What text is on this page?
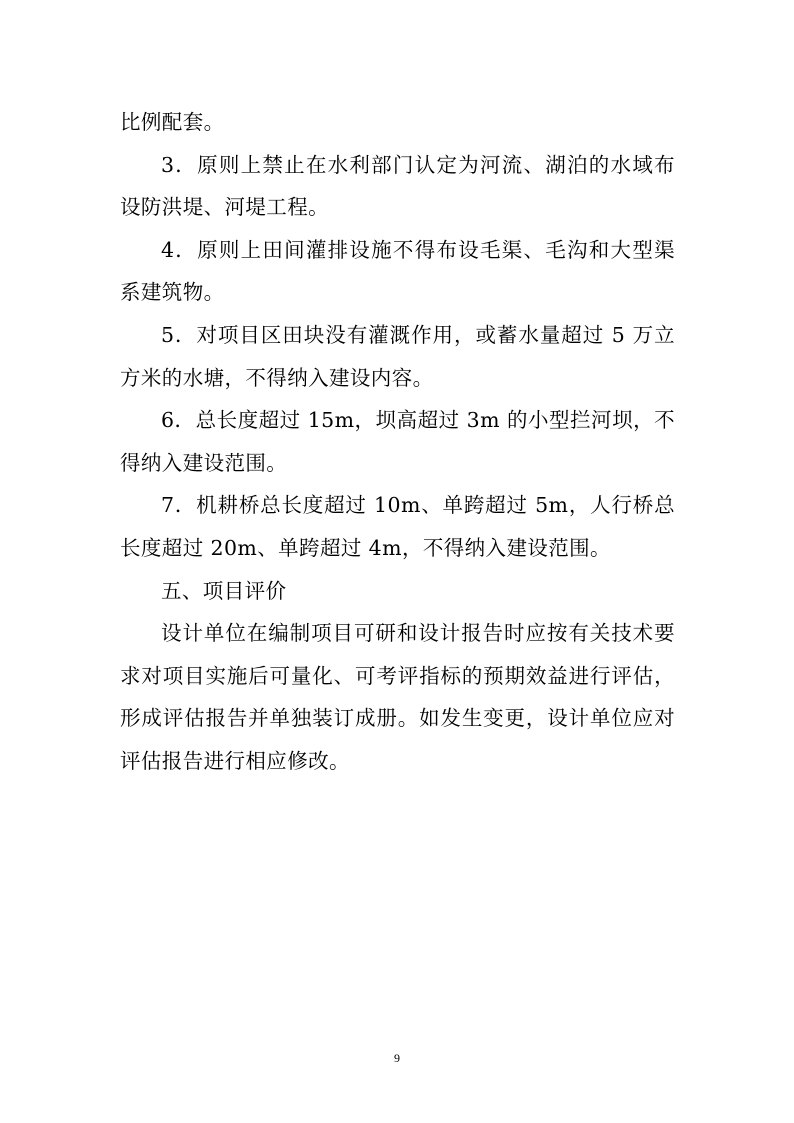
比例配套。

3．原则上禁止在水利部门认定为河流、湖泊的水域布设防洪堤、河堤工程。

4．原则上田间灌排设施不得布设毛渠、毛沟和大型渠系建筑物。

5．对项目区田块没有灌溉作用，或蓄水量超过 5 万立方米的水塘，不得纳入建设内容。

6．总长度超过 15m，坝高超过 3m 的小型拦河坝，不得纳入建设范围。

7．机耕桥总长度超过 10m、单跨超过 5m，人行桥总长度超过 20m、单跨超过 4m，不得纳入建设范围。

五、项目评价

设计单位在编制项目可研和设计报告时应按有关技术要求对项目实施后可量化、可考评指标的预期效益进行评估，形成评估报告并单独装订成册。如发生变更，设计单位应对评估报告进行相应修改。

9
